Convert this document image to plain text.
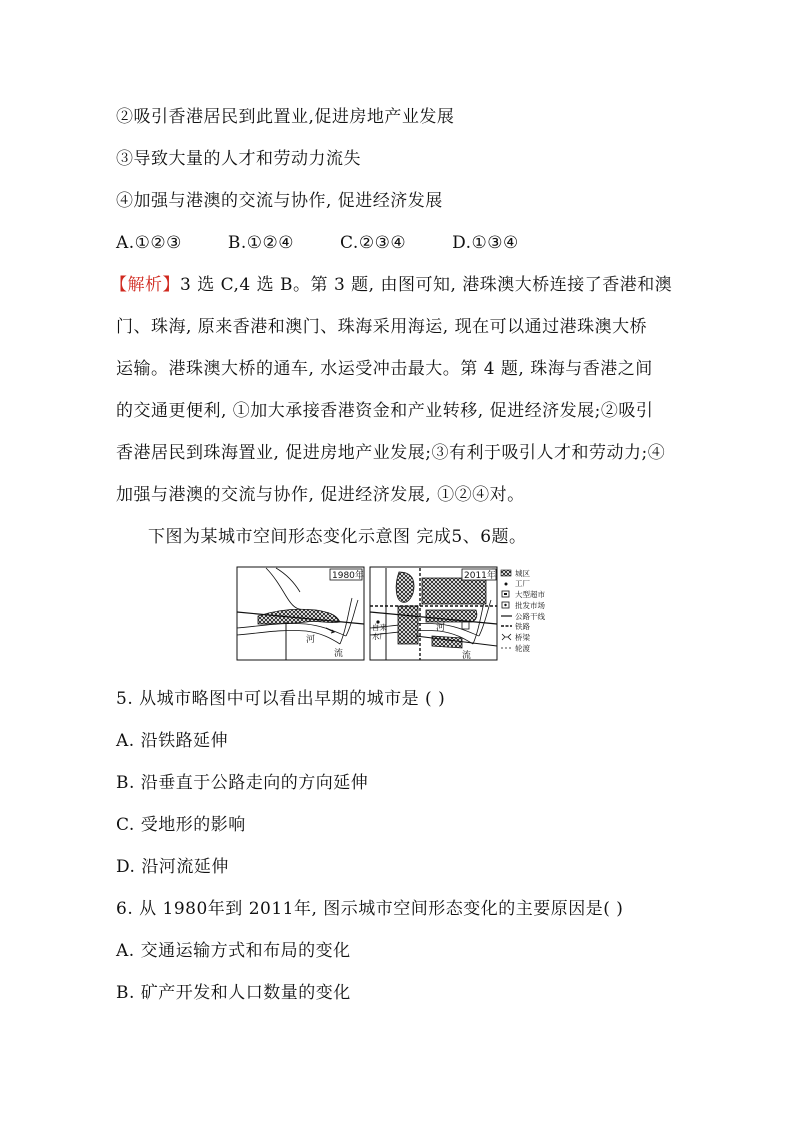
②吸引香港居民到此置业,促进房地产业发展
③导致大量的人才和劳动力流失
④加强与港澳的交流与协作, 促进经济发展
A.①②③	B.①②④	C.②③④	D.①③④
【解析】3 选 C,4 选 B。第 3 题, 由图可知, 港珠澳大桥连接了香港和澳
门、珠海, 原来香港和澳门、珠海采用海运, 现在可以通过港珠澳大桥
运输。港珠澳大桥的通车, 水运受冲击最大。第 4 题, 珠海与香港之间
的交通更便利, ①加大承接香港资金和产业转移, 促进经济发展;②吸引
香港居民到珠海置业, 促进房地产业发展;③有利于吸引人才和劳动力;④
加强与港澳的交流与协作, 促进经济发展, ①②④对。
下图为某城市空间形态变化示意图 完成5、6题。
1980年
河
流
2011年
河
流
自来
水厂
城区
工厂
大型超市
批发市场
公路干线
铁路
桥梁
轮渡
5. 从城市略图中可以看出早期的城市是 ( )
A. 沿铁路延伸
B. 沿垂直于公路走向的方向延伸
C. 受地形的影响
D. 沿河流延伸
6. 从 1980年到 2011年, 图示城市空间形态变化的主要原因是( )
A. 交通运输方式和布局的变化
B. 矿产开发和人口数量的变化
